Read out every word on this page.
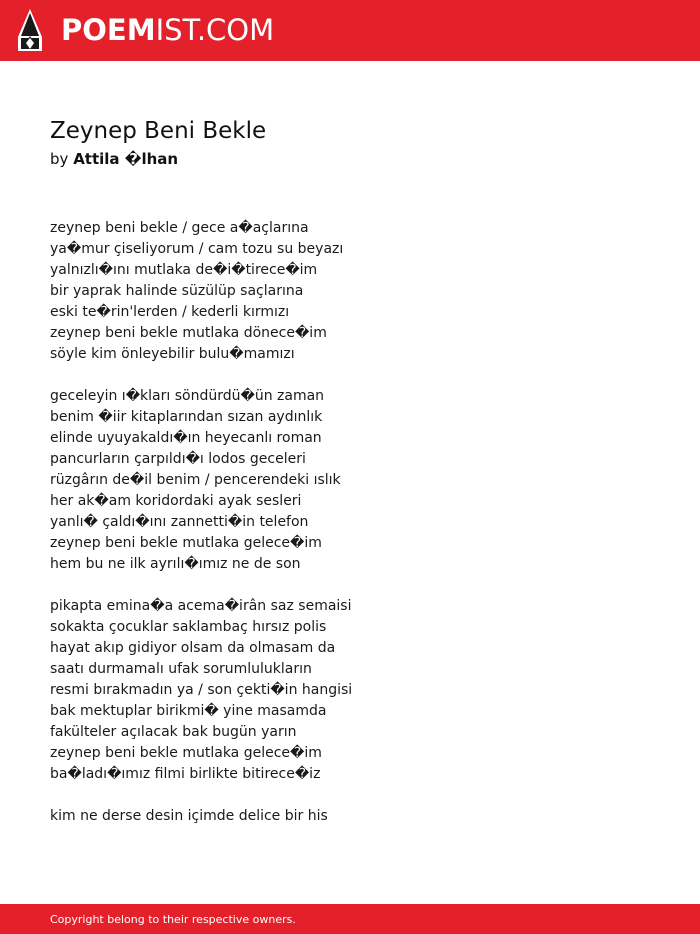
POEMIST.COM
Zeynep Beni Bekle
by Attila �lhan
zeynep beni bekle / gece a�açlarına
ya�mur çiseliyorum / cam tozu su beyazı
yalnızlı�ını mutlaka de�i�tirece�im
bir yaprak halinde süzülüp saçlarına
eski te�rin'lerden / kederli kırmızı
zeynep beni bekle mutlaka dönece�im
söyle kim önleyebilir bulu�mamızı
geceleyin ı�kları söndürdü�ün zaman
benim �iir kitaplarından sızan aydınlık
elinde uyuyakaldı�ın heyecanlı roman
pancurların çarpıldı�ı lodos geceleri
rüzgârın de�il benim / pencerendeki ıslık
her ak�am koridordaki ayak sesleri
yanlı� çaldı�ını zannetti�in telefon
zeynep beni bekle mutlaka gelece�im
hem bu ne ilk ayrılı�ımız ne de son
pikapta emina�a acema�irân saz semaisi
sokakta çocuklar saklambaç hırsız polis
hayat akıp gidiyor olsam da olmasam da
saatı durmamalı ufak sorumlulukların
resmi bırakmadın ya / son çekti�in hangisi
bak mektuplar birikmi� yine masamda
fakülteler açılacak bak bugün yarın
zeynep beni bekle mutlaka gelece�im
ba�ladı�ımız filmi birlikte bitirece�iz
kim ne derse desin içimde delice bir his
Copyright belong to their respective owners.
